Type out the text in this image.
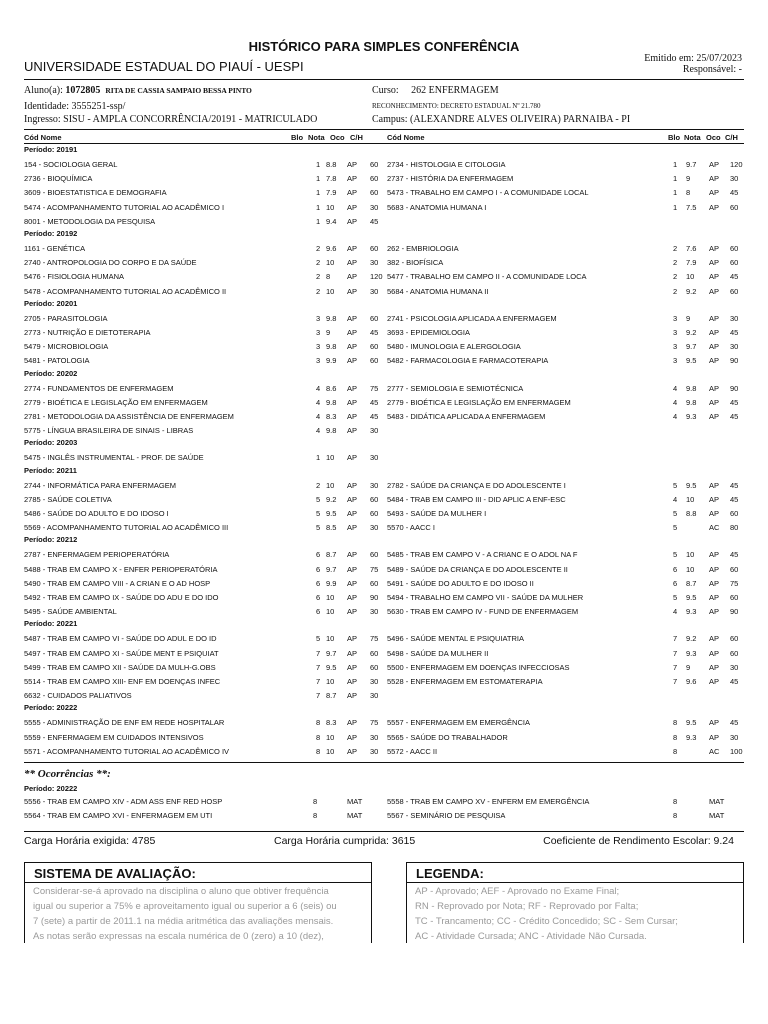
HISTÓRICO PARA SIMPLES CONFERÊNCIA
UNIVERSIDADE ESTADUAL DO PIAUÍ - UESPI
Emitido em: 25/07/2023
Responsável: -
Aluno(a): 1072805 RITA DE CASSIA SAMPAIO BESSA PINTO	Curso: 262 ENFERMAGEM
Identidade: 3555251-ssp/	RECONHECIMENTO: DECRETO ESTADUAL Nº 21.780
Ingresso: SISU - AMPLA CONCORRÊNCIA/20191 - MATRICULADO	Campus: (ALEXANDRE ALVES OLIVEIRA) PARNAIBA - PI
Cód Nome	Blo Nota Oco C/H	Cód Nome	Blo Nota Oco C/H
Período: 20191
154 - SOCIOLOGIA GERAL	1 8.8 AP 60 2734 - HISTOLOGIA E CITOLOGIA	1 9.7 AP 120
2736 - BIOQUÍMICA	1 7.8 AP 60 2737 - HISTÓRIA DA ENFERMAGEM	1 9	AP 30
3609 - BIOESTATISTICA E DEMOGRAFIA	1 7.9 AP 60 5473 - TRABALHO EM CAMPO I - A COMUNIDADE LOCAL	1 8	AP 45
5474 - ACOMPANHAMENTO TUTORIAL AO ACADÊMICO I	1 10 AP 30 5683 - ANATOMIA HUMANA I	1 7.5 AP 60
8001 - METODOLOGIA DA PESQUISA	1 9.4 AP 45
Período: 20192
1161 - GENÉTICA	2 9.6 AP 60 262 - EMBRIOLOGIA	2 7.6 AP 60
2740 - ANTROPOLOGIA DO CORPO E DA SAÚDE	2 10 AP 30 382 - BIOFÍSICA	2 7.9 AP 60
5476 - FISIOLOGIA HUMANA	2 8 AP 120 5477 - TRABALHO EM CAMPO II - A COMUNIDADE LOCA	2 10 AP 45
5478 - ACOMPANHAMENTO TUTORIAL AO ACADÊMICO II	2 10 AP 30 5684 - ANATOMIA HUMANA II	2 9.2 AP 60
Período: 20201
2705 - PARASITOLOGIA	3 9.8 AP 60 2741 - PSICOLOGIA APLICADA A ENFERMAGEM	3 9	AP 30
2773 - NUTRIÇÃO E DIETOTERAPIA	3 9 AP 45 3693 - EPIDEMIOLOGIA	3 9.2 AP 45
5479 - MICROBIOLOGIA	3 9.8 AP 60 5480 - IMUNOLOGIA E ALERGOLOGIA	3 9.7 AP 30
5481 - PATOLOGIA	3 9.9 AP 60 5482 - FARMACOLOGIA E FARMACOTERAPIA	3 9.5 AP 90
Período: 20202
2774 - FUNDAMENTOS DE ENFERMAGEM	4 8.6 AP 75 2777 - SEMIOLOGIA E SEMIOTÉCNICA	4 9.8 AP 90
2779 - BIOÉTICA E LEGISLAÇÃO EM ENFERMAGEM	4 9.8 AP 45 2779 - BIOÉTICA E LEGISLAÇÃO EM ENFERMAGEM	4 9.8 AP 45
2781 - METODOLOGIA DA ASSISTÊNCIA DE ENFERMAGEM	4 8.3 AP 45 5483 - DIDÁTICA APLICADA A ENFERMAGEM	4 9.3 AP 45
5775 - LÍNGUA BRASILEIRA DE SINAIS - LIBRAS	4 9.8 AP 30
Período: 20203
5475 - INGLÊS INSTRUMENTAL - PROF. DE SAÚDE	1 10 AP 30
Período: 20211
2744 - INFORMÁTICA PARA ENFERMAGEM	2 10 AP 30 2782 - SAÚDE DA CRIANÇA E DO ADOLESCENTE I	5 9.5 AP 45
2785 - SAÚDE COLETIVA	5 9.2 AP 60 5484 - TRAB EM CAMPO III - DID APLIC A ENF-ESC	4 10 AP 45
5486 - SAÚDE DO ADULTO E DO IDOSO I	5 9.5 AP 60 5493 - SAÚDE DA MULHER I	5 8.8 AP 60
5569 - ACOMPANHAMENTO TUTORIAL AO ACADÊMICO III	5 8.5 AP 30 5570 - AACC I	5	AC 80
Período: 20212
2787 - ENFERMAGEM PERIOPERATÓRIA	6 8.7 AP 60 5485 - TRAB EM CAMPO V - A CRIANC E O ADOL NA F	5 10 AP 45
5488 - TRAB EM CAMPO X - ENFER PERIOPERATÓRIA	6 9.7 AP 75 5489 - SAÚDE DA CRIANÇA E DO ADOLESCENTE II	6 10 AP 60
5490 - TRAB EM CAMPO VIII - A CRIAN E O AD HOSP	6 9.9 AP 60 5491 - SAÚDE DO ADULTO E DO IDOSO II	6 8.7 AP 75
5492 - TRAB EM CAMPO IX - SAÚDE DO ADU E DO IDO	6 10 AP 90 5494 - TRABALHO EM CAMPO VII - SAÚDE DA MULHER	5 9.5 AP 60
5495 - SAÚDE AMBIENTAL	6 10 AP 30 5630 - TRAB EM CAMPO IV - FUND DE ENFERMAGEM	4 9.3 AP 90
Período: 20221
5487 - TRAB EM CAMPO VI - SAÚDE DO ADUL E DO ID	5 10 AP 75 5496 - SAÚDE MENTAL E PSIQUIATRIA	7 9.2 AP 60
5497 - TRAB EM CAMPO XI - SAÚDE MENT E PSIQUIAT	7 9.7 AP 60 5498 - SAÚDE DA MULHER II	7 9.3 AP 60
5499 - TRAB EM CAMPO XII - SAÚDE DA MULH-G.OBS	7 9.5 AP 60 5500 - ENFERMAGEM EM DOENÇAS INFECCIOSAS	7 9	AP 30
5514 - TRAB EM CAMPO XIII- ENF EM DOENÇAS INFEC	7 10 AP 30 5528 - ENFERMAGEM EM ESTOMATERAPIA	7 9.6 AP 45
6632 - CUIDADOS PALIATIVOS	7 8.7 AP 30
Período: 20222
5555 - ADMINISTRAÇÃO DE ENF EM REDE HOSPITALAR	8 8.3 AP 75 5557 - ENFERMAGEM EM EMERGÊNCIA	8 9.5 AP 45
5559 - ENFERMAGEM EM CUIDADOS INTENSIVOS	8 10 AP 30 5565 - SAÚDE DO TRABALHADOR	8 9.3 AP 30
5571 - ACOMPANHAMENTO TUTORIAL AO ACADÊMICO IV	8 10 AP 30 5572 - AACC II	8	AC 100
** Ocorrências **:
Período: 20222
5556 - TRAB EM CAMPO XIV - ADM ASS ENF RED HOSP	8	MAT	5558 - TRAB EM CAMPO XV - ENFERM EM EMERGÊNCIA	8	MAT
5564 - TRAB EM CAMPO XVI - ENFERMAGEM EM UTI	8	MAT	5567 - SEMINÁRIO DE PESQUISA	8	MAT
Carga Horária exigida: 4785	Carga Horária cumprida: 3615	Coeficiente de Rendimento Escolar: 9.24
SISTEMA DE AVALIAÇÃO:
Considerar-se-á aprovado na disciplina o aluno que obtiver frequência
igual ou superior a 75% e aproveitamento igual ou superior a 6 (seis) ou
7 (sete) a partir de 2011.1 na média aritmética das avaliações mensais.
As notas serão expressas na escala numérica de 0 (zero) a 10 (dez),
LEGENDA:
AP - Aprovado; AEF - Aprovado no Exame Final;
RN - Reprovado por Nota; RF - Reprovado por Falta;
TC - Trancamento; CC - Crédito Concedido; SC - Sem Cursar;
AC - Atividade Cursada; ANC - Atividade Não Cursada.
